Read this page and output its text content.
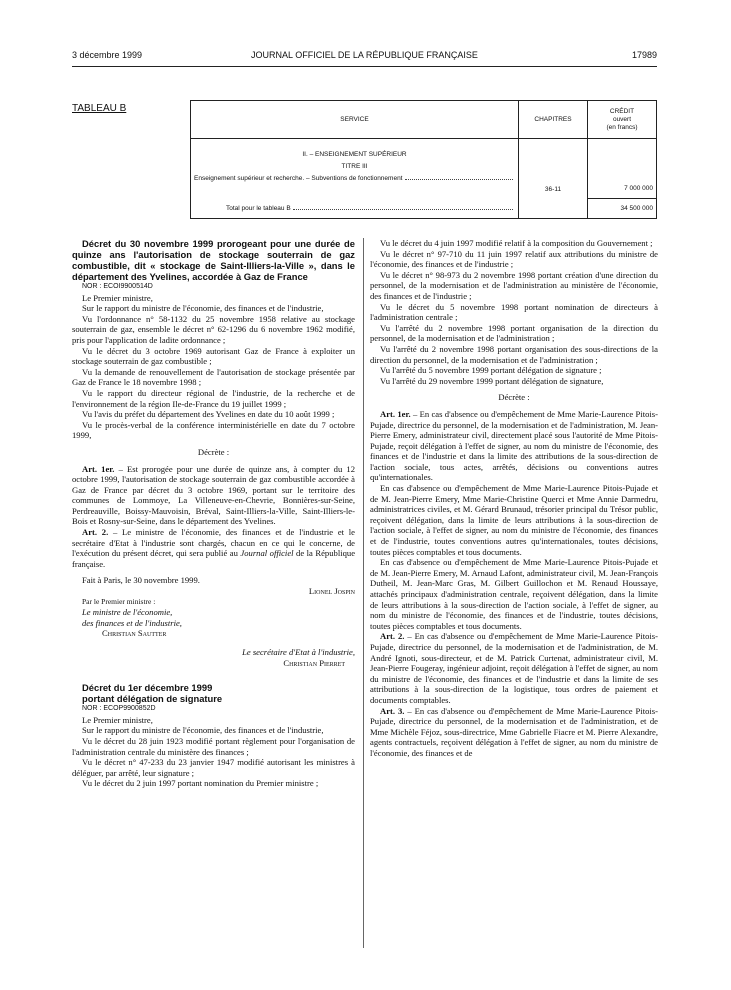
3 décembre 1999	JOURNAL OFFICIEL DE LA RÉPUBLIQUE FRANÇAISE	17989
TABLEAU B
SERVICE	CHAPITRES	CRÉDIT
ouvert
(en francs)

II. – ENSEIGNEMENT SUPÉRIEUR
TITRE III
Enseignement supérieur et recherche. – Subventions de fonctionnement	36-11	7 000 000

Total pour le tableau B		34 500 000

Décret du 30 novembre 1999 prorogeant pour une durée de quinze ans l'autorisation de stockage souterrain de gaz combustible, dit « stockage de Saint-Illiers-la-Ville », dans le département des Yvelines, accordée à Gaz de France

NOR : ECOI9900514D

Le Premier ministre,

Sur le rapport du ministre de l'économie, des finances et de l'industrie,

Vu l'ordonnance n° 58-1132 du 25 novembre 1958 relative au stockage souterrain de gaz, ensemble le décret n° 62-1296 du 6 novembre 1962 modifié, pris pour l'application de ladite ordonnance ;

Vu le décret du 3 octobre 1969 autorisant Gaz de France à exploiter un stockage souterrain de gaz combustible ;

Vu la demande de renouvellement de l'autorisation de stockage présentée par Gaz de France le 18 novembre 1998 ;

Vu le rapport du directeur régional de l'industrie, de la recherche et de l'environnement de la région Ile-de-France du 19 juillet 1999 ;

Vu l'avis du préfet du département des Yvelines en date du 10 août 1999 ;

Vu le procès-verbal de la conférence interministérielle en date du 7 octobre 1999,

Décrète :

Art. 1er. – Est prorogée pour une durée de quinze ans, à compter du 12 octobre 1999, l'autorisation de stockage souterrain de gaz combustible accordée à Gaz de France par décret du 3 octobre 1969, portant sur le territoire des communes de Lommoye, La Villeneuve-en-Chevrie, Bonnières-sur-Seine, Perdreauville, Boissy-Mauvoisin, Bréval, Saint-Illiers-la-Ville, Saint-Illiers-le-Bois et Rosny-sur-Seine, dans le département des Yvelines.

Art. 2. – Le ministre de l'économie, des finances et de l'industrie et le secrétaire d'Etat à l'industrie sont chargés, chacun en ce qui le concerne, de l'exécution du présent décret, qui sera publié au Journal officiel de la République française.

Fait à Paris, le 30 novembre 1999.

Lionel Jospin

Par le Premier ministre :

Le ministre de l'économie,

des finances et de l'industrie,

Christian Sautter

Le secrétaire d'Etat à l'industrie,

Christian Pierret

Décret du 1er décembre 1999

portant délégation de signature

NOR : ECOP9900852D

Le Premier ministre,

Sur le rapport du ministre de l'économie, des finances et de l'industrie,

Vu le décret du 28 juin 1923 modifié portant règlement pour l'organisation de l'administration centrale du ministère des finances ;

Vu le décret n° 47-233 du 23 janvier 1947 modifié autorisant les ministres à déléguer, par arrêté, leur signature ;

Vu le décret du 2 juin 1997 portant nomination du Premier ministre ;

Vu le décret du 4 juin 1997 modifié relatif à la composition du Gouvernement ;

Vu le décret n° 97-710 du 11 juin 1997 relatif aux attributions du ministre de l'économie, des finances et de l'industrie ;

Vu le décret n° 98-973 du 2 novembre 1998 portant création d'une direction du personnel, de la modernisation et de l'administration au ministère de l'économie, des finances et de l'industrie ;

Vu le décret du 5 novembre 1998 portant nomination de directeurs à l'administration centrale ;

Vu l'arrêté du 2 novembre 1998 portant organisation de la direction du personnel, de la modernisation et de l'administration ;

Vu l'arrêté du 2 novembre 1998 portant organisation des sous-directions de la direction du personnel, de la modernisation et de l'administration ;

Vu l'arrêté du 5 novembre 1999 portant délégation de signature ;

Vu l'arrêté du 29 novembre 1999 portant délégation de signature,

Décrète :

Art. 1er. – En cas d'absence ou d'empêchement de Mme Marie-Laurence Pitois-Pujade, directrice du personnel, de la modernisation et de l'administration, M. Jean-Pierre Emery, administrateur civil, directement placé sous l'autorité de Mme Pitois-Pujade, reçoit délégation à l'effet de signer, au nom du ministre de l'économie, des finances et de l'industrie et dans la limite des attributions de la sous-direction de l'action sociale, tous actes, arrêtés, décisions ou conventions autres qu'internationales.

En cas d'absence ou d'empêchement de Mme Marie-Laurence Pitois-Pujade et de M. Jean-Pierre Emery, Mme Marie-Christine Querci et Mme Annie Darmedru, administratrices civiles, et M. Gérard Brunaud, trésorier principal du Trésor public, reçoivent délégation, dans la limite de leurs attributions à la sous-direction de l'action sociale, à l'effet de signer, au nom du ministre de l'économie, des finances et de l'industrie, toutes conventions autres qu'internationales, toutes décisions, toutes pièces comptables et tous documents.

En cas d'absence ou d'empêchement de Mme Marie-Laurence Pitois-Pujade et de M. Jean-Pierre Emery, M. Arnaud Lafont, administrateur civil, M. Jean-François Dutheil, M. Jean-Marc Gras, M. Gilbert Guillochon et M. Renaud Houssaye, attachés principaux d'administration centrale, reçoivent délégation, dans la limite de leurs attributions à la sous-direction de l'action sociale, à l'effet de signer, au nom du ministre de l'économie, des finances et de l'industrie, toutes décisions, toutes pièces comptables et tous documents.

Art. 2. – En cas d'absence ou d'empêchement de Mme Marie-Laurence Pitois-Pujade, directrice du personnel, de la modernisation et de l'administration, de M. André Ignoti, sous-directeur, et de M. Patrick Curtenat, administrateur civil, M. Jean-Pierre Fougeray, ingénieur adjoint, reçoit délégation à l'effet de signer, au nom du ministre de l'économie, des finances et de l'industrie et dans la limite de ses attributions à la sous-direction de la logistique, tous ordres de paiement et documents comptables.

Art. 3. – En cas d'absence ou d'empêchement de Mme Marie-Laurence Pitois-Pujade, directrice du personnel, de la modernisation et de l'administration, et de Mme Michèle Féjoz, sous-directrice, Mme Gabrielle Fiacre et M. Pierre Alexandre, agents contractuels, reçoivent délégation à l'effet de signer, au nom du ministre de l'économie, des finances et de
